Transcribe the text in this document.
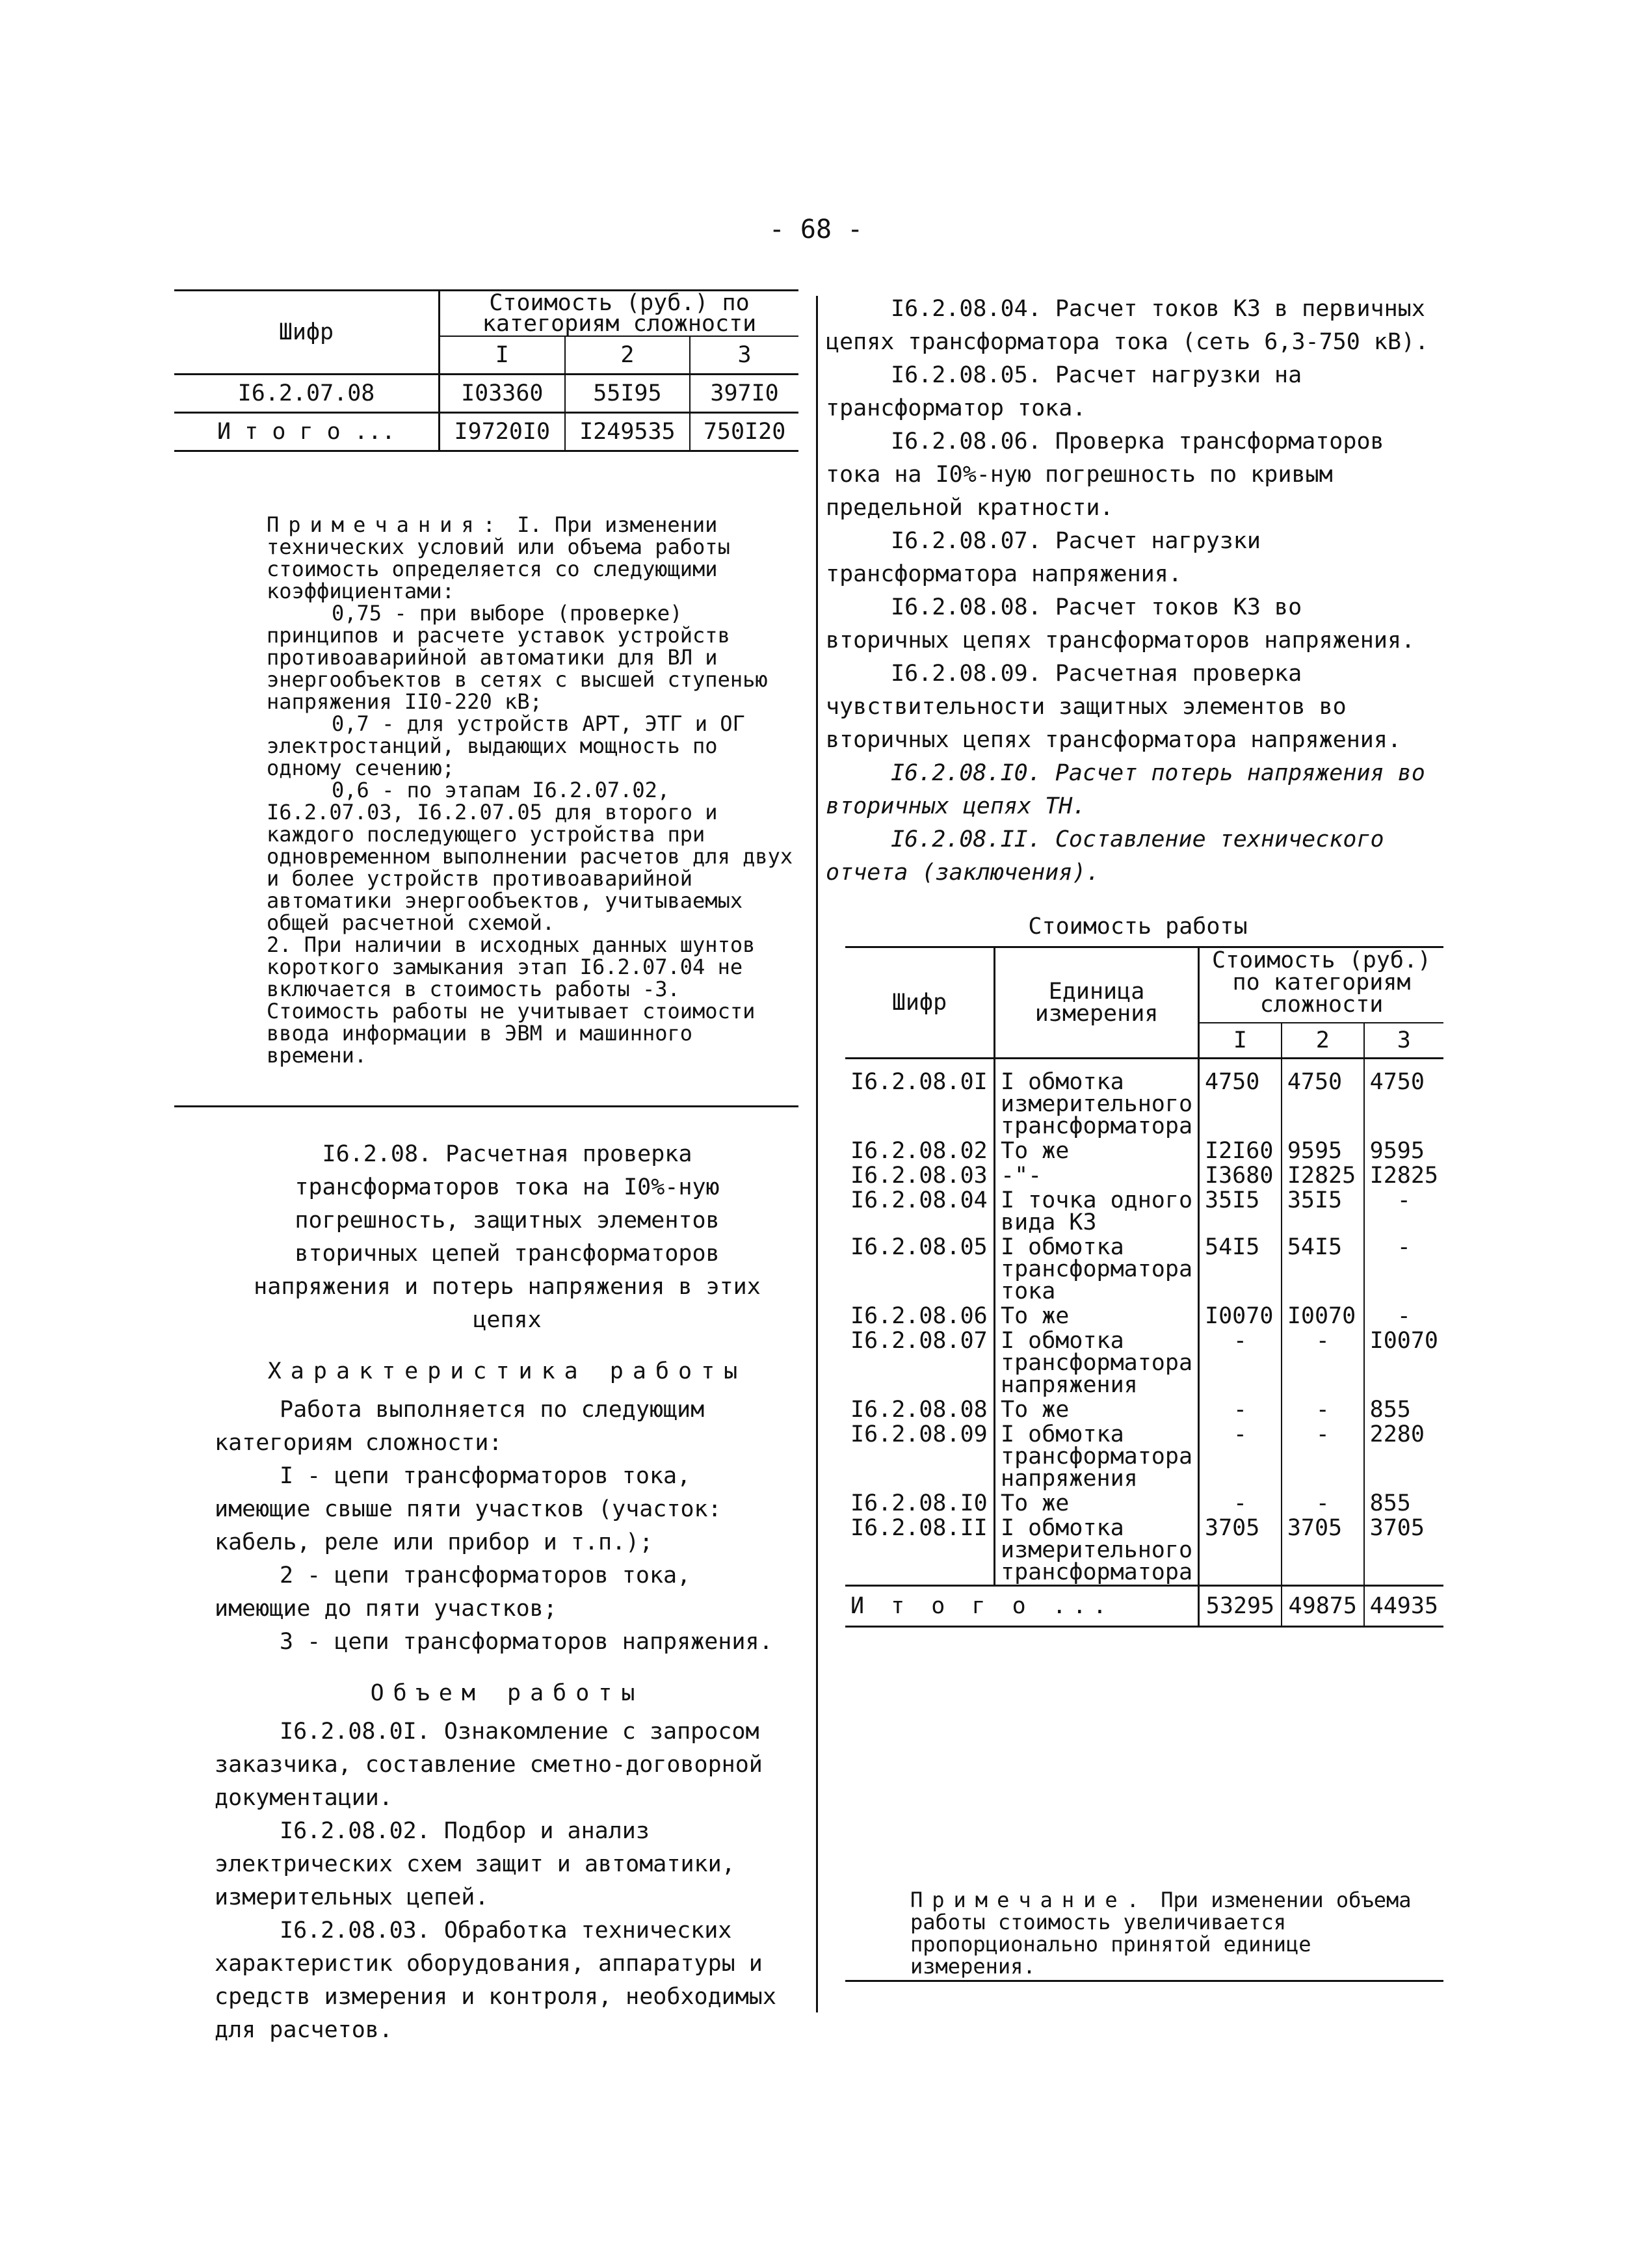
- 68 -
Шифр	Стоимость (руб.) по категориям сложности		
	I	2	3
I6.2.07.08	I03360	55I95	397I0
И т о г о ...	I9720I0	I249535	750I20

Примечания: I. При изменении технических условий или объема работы стоимость определяется со следующими коэффициентами:

0,75 - при выборе (проверке) принципов и расчете уставок устройств противоаварийной автоматики для ВЛ и энергообъектов в сетях с высшей ступенью напряжения II0-220 кВ;

0,7 - для устройств АРТ, ЭТГ и ОГ электростанций, выдающих мощность по одному сечению;

0,6 - по этапам I6.2.07.02, I6.2.07.03, I6.2.07.05 для второго и каждого последующего устройства при одновременном выполнении расчетов для двух и более устройств противоаварийной автоматики энергообъектов, учитываемых общей расчетной схемой.

2. При наличии в исходных данных шунтов короткого замыкания этап I6.2.07.04 не включается в стоимость работы -3. Стоимость работы не учитывает стоимости ввода информации в ЭВМ и машинного времени.

I6.2.08. Расчетная проверка трансформаторов тока на I0%-ную погрешность, защитных элементов вторичных цепей трансформаторов напряжения и потерь напряжения в этих цепях

Характеристика работы

Работа выполняется по следующим категориям сложности:

I - цепи трансформаторов тока, имеющие свыше пяти участков (участок: кабель, реле или прибор и т.п.);

2 - цепи трансформаторов тока, имеющие до пяти участков;

3 - цепи трансформаторов напряжения.

Объем работы

I6.2.08.0I. Ознакомление с запросом заказчика, составление сметно-договорной документации.

I6.2.08.02. Подбор и анализ электрических схем защит и автоматики, измерительных цепей.

I6.2.08.03. Обработка технических характеристик оборудования, аппаратуры и средств измерения и контроля, необходимых для расчетов.

I6.2.08.04. Расчет токов КЗ в первичных цепях трансформатора тока (сеть 6,3-750 кВ).

I6.2.08.05. Расчет нагрузки на трансформатор тока.

I6.2.08.06. Проверка трансформаторов тока на I0%-ную погрешность по кривым предельной кратности.

I6.2.08.07. Расчет нагрузки трансформатора напряжения.

I6.2.08.08. Расчет токов КЗ во вторичных цепях трансформаторов напряжения.

I6.2.08.09. Расчетная проверка чувствительности защитных элементов во вторичных цепях трансформатора напряжения.

I6.2.08.I0. Расчет потерь напряжения во вторичных цепях ТН.

I6.2.08.II. Составление технического отчета (заключения).

Стоимость работы
Шифр	Единица измерения	Стоимость (руб.) по категориям сложности		
		I	2	3

I6.2.08.0I	I обмотка измерительного трансформатора	4750	4750	4750
I6.2.08.02	То же	I2I60	9595	9595
I6.2.08.03	-"-	I3680	I2825	I2825
I6.2.08.04	I точка одного вида КЗ	35I5	35I5	-
I6.2.08.05	I обмотка трансформатора тока	54I5	54I5	-
I6.2.08.06	То же	I0070	I0070	-
I6.2.08.07	I обмотка трансформатора напряжения	-	-	I0070
I6.2.08.08	То же	-	-	855
I6.2.08.09	I обмотка трансформатора напряжения	-	-	2280
I6.2.08.I0	То же	-	-	855
I6.2.08.II	I обмотка измерительного трансформатора	3705	3705	3705
И т о г о ...		53295	49875	44935

Примечание. При изменении объема работы стоимость увеличивается пропорционально принятой единице измерения.
